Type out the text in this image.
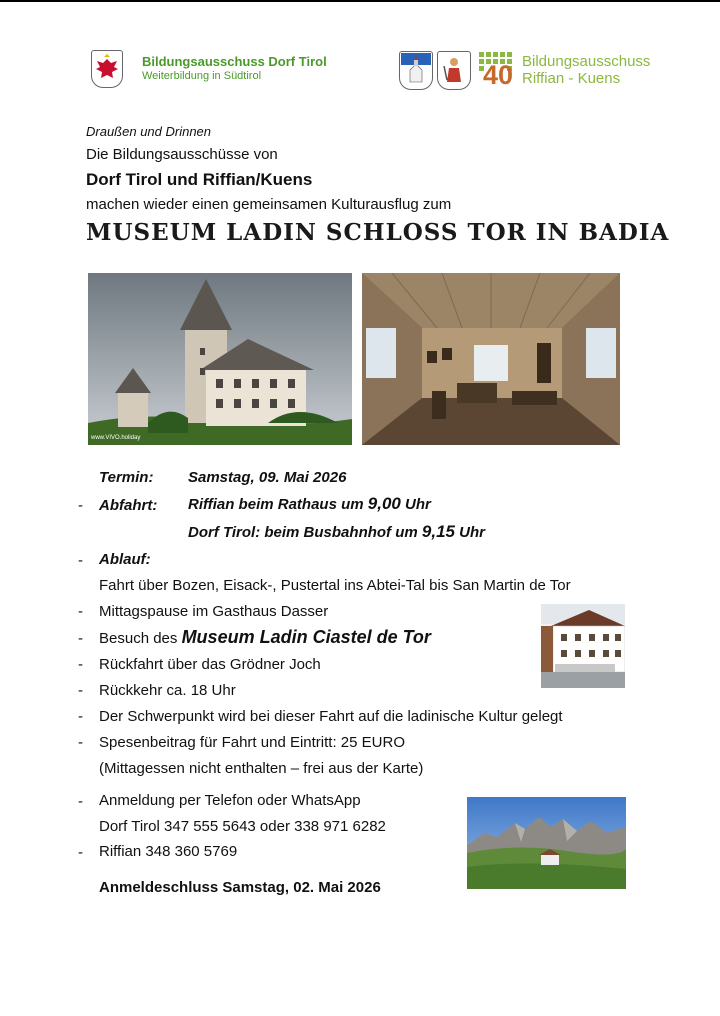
Bildungsausschuss Dorf Tirol
Weiterbildung in Südtirol	40 Bildungsausschuss
Riffian - Kuens
Draußen und Drinnen
Die Bildungsausschüsse von
Dorf Tirol und Riffian/Kuens
machen wieder einen gemeinsamen Kulturausflug zum
MUSEUM LADIN SCHLOSS TOR IN BADIA
www.VIVO.holiday
Termin: Samstag, 09. Mai 2026
- Abfahrt: Riffian beim Rathaus um 9,00 Uhr
Dorf Tirol: beim Busbahnhof um 9,15 Uhr
- Ablauf:
Fahrt über Bozen, Eisack-, Pustertal ins Abtei-Tal bis San Martin de Tor
- Mittagspause im Gasthaus Dasser
- Besuch des Museum Ladin Ciastel de Tor
- Rückfahrt über das Grödner Joch
- Rückkehr ca. 18 Uhr
- Der Schwerpunkt wird bei dieser Fahrt auf die ladinische Kultur gelegt
- Spesenbeitrag für Fahrt und Eintritt: 25 EURO
(Mittagessen nicht enthalten – frei aus der Karte)
- Anmeldung per Telefon oder WhatsApp
Dorf Tirol 347 555 5643 oder 338 971 6282
- Riffian 348 360 5769
Anmeldeschluss Samstag, 02. Mai 2026
